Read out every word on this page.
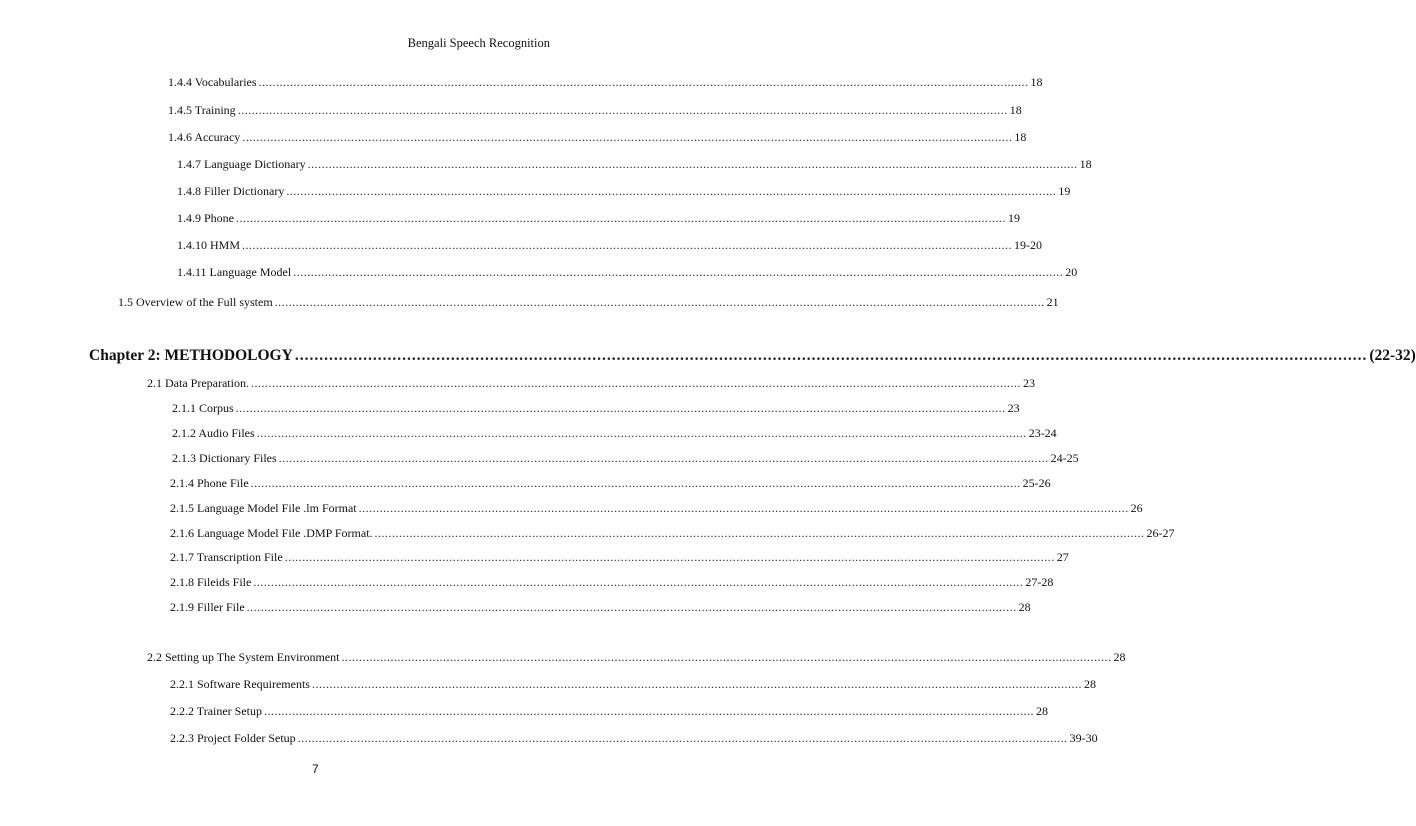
Bengali Speech Recognition
1.4.4 Vocabularies ............................................................................................................................................................................................................................ 18
1.4.5 Training ............................................................................................................................................................................................................................ 18
1.4.6 Accuracy ............................................................................................................................................................................................................................ 18
1.4.7 Language Dictionary ............................................................................................................................................................................................................................ 18
1.4.8 Filler Dictionary ............................................................................................................................................................................................................................ 19
1.4.9 Phone ............................................................................................................................................................................................................................ 19
1.4.10 HMM ............................................................................................................................................................................................................................ 19-20
1.4.11 Language Model ............................................................................................................................................................................................................................ 20
1.5 Overview of the Full system ............................................................................................................................................................................................................................ 21
Chapter 2: METHODOLOGY ............................................................................................................................................................................................................................ (22-32)
2.1 Data Preparation. ............................................................................................................................................................................................................................ 23
2.1.1 Corpus ............................................................................................................................................................................................................................ 23
2.1.2 Audio Files ............................................................................................................................................................................................................................ 23-24
2.1.3 Dictionary Files ............................................................................................................................................................................................................................ 24-25
2.1.4 Phone File ............................................................................................................................................................................................................................ 25-26
2.1.5 Language Model File .lm Format ............................................................................................................................................................................................................................ 26
2.1.6 Language Model File .DMP Format. ............................................................................................................................................................................................................................ 26-27
2.1.7 Transcription File ............................................................................................................................................................................................................................ 27
2.1.8 Fileids File ............................................................................................................................................................................................................................ 27-28
2.1.9 Filler File ............................................................................................................................................................................................................................ 28
2.2 Setting up The System Environment ............................................................................................................................................................................................................................ 28
2.2.1 Software Requirements ............................................................................................................................................................................................................................ 28
2.2.2 Trainer Setup ............................................................................................................................................................................................................................ 28
2.2.3 Project Folder Setup ............................................................................................................................................................................................................................ 39-30
7
